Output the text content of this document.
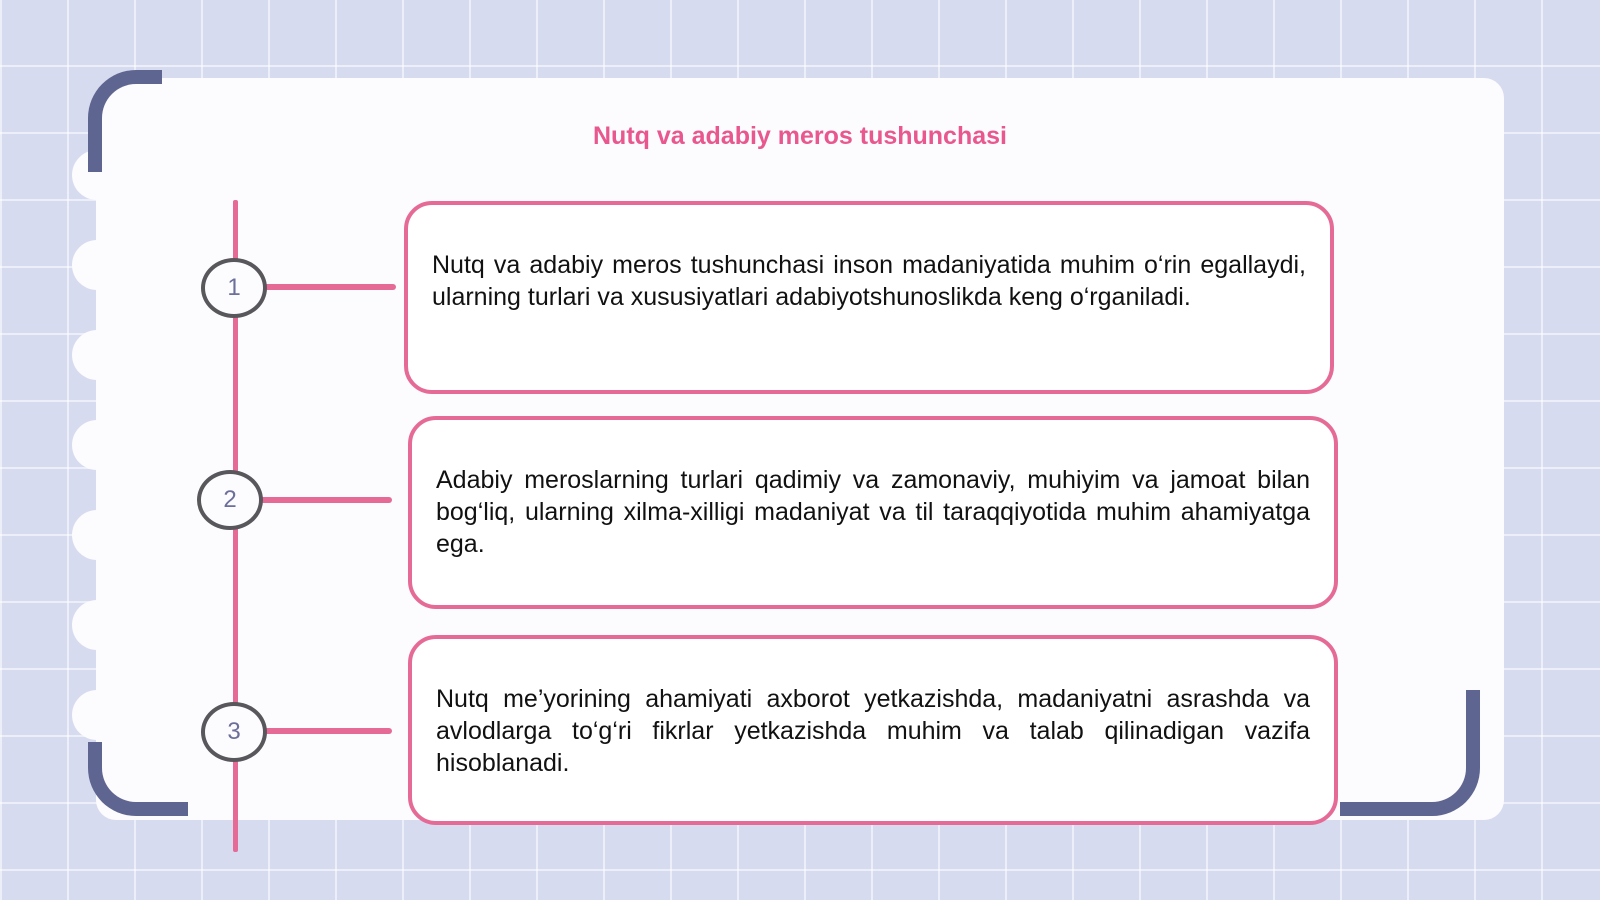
Nutq va adabiy meros tushunchasi
1

Nutq va adabiy meros tushunchasi inson madaniyatida muhim o‘rin egallaydi, ularning turlari va xususiyatlari adabiyotshunoslikda keng o‘rganiladi.

2

Adabiy meroslarning turlari qadimiy va zamonaviy, muhiyim va jamoat bilan bog‘liq, ularning xilma-xilligi madaniyat va til taraqqiyotida muhim ahamiyatga ega.

3

Nutq me’yorining ahamiyati axborot yetkazishda, madaniyatni asrashda va avlodlarga to‘g‘ri fikrlar yetkazishda muhim va talab qilinadigan vazifa hisoblanadi.
